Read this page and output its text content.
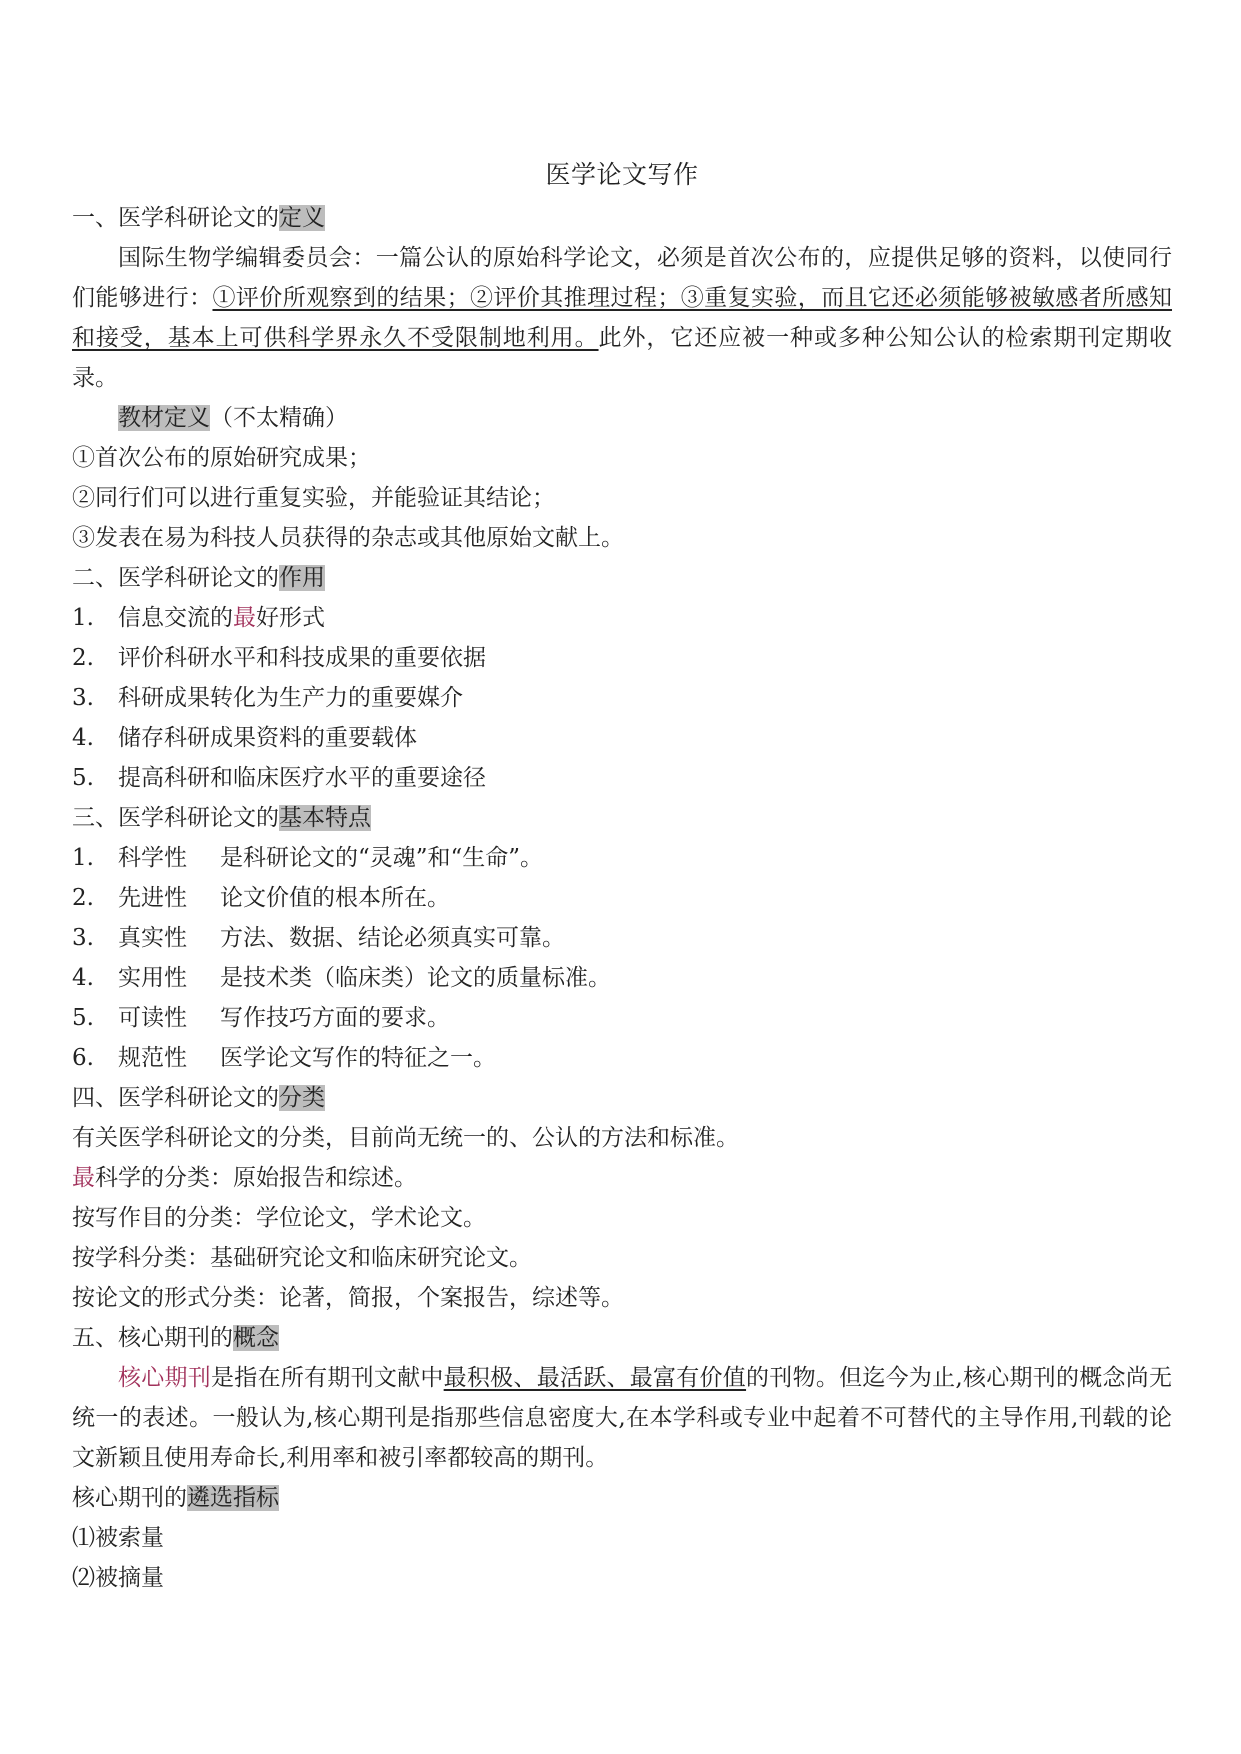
医学论文写作
一、医学科研论文的定义
国际生物学编辑委员会：一篇公认的原始科学论文，必须是首次公布的，应提供足够的资料，以使同行们能够进行：①评价所观察到的结果；②评价其推理过程；③重复实验，而且它还必须能够被敏感者所感知和接受，基本上可供科学界永久不受限制地利用。此外，它还应被一种或多种公知公认的检索期刊定期收录。
教材定义（不太精确）
①首次公布的原始研究成果；
②同行们可以进行重复实验，并能验证其结论；
③发表在易为科技人员获得的杂志或其他原始文献上。
二、医学科研论文的作用
1. 信息交流的最好形式
2. 评价科研水平和科技成果的重要依据
3. 科研成果转化为生产力的重要媒介
4. 储存科研成果资料的重要载体
5. 提高科研和临床医疗水平的重要途径
三、医学科研论文的基本特点
1. 科学性 是科研论文的“灵魂”和“生命”。
2. 先进性 论文价值的根本所在。
3. 真实性 方法、数据、结论必须真实可靠。
4. 实用性 是技术类（临床类）论文的质量标准。
5. 可读性 写作技巧方面的要求。
6. 规范性 医学论文写作的特征之一。
四、医学科研论文的分类
有关医学科研论文的分类，目前尚无统一的、公认的方法和标准。
最科学的分类：原始报告和综述。
按写作目的分类：学位论文，学术论文。
按学科分类：基础研究论文和临床研究论文。
按论文的形式分类：论著，简报，个案报告，综述等。
五、核心期刊的概念
核心期刊是指在所有期刊文献中最积极、最活跃、最富有价值的刊物。但迄今为止,核心期刊的概念尚无统一的表述。一般认为,核心期刊是指那些信息密度大,在本学科或专业中起着不可替代的主导作用,刊载的论文新颖且使用寿命长,利用率和被引率都较高的期刊。
核心期刊的遴选指标
⑴被索量
⑵被摘量
